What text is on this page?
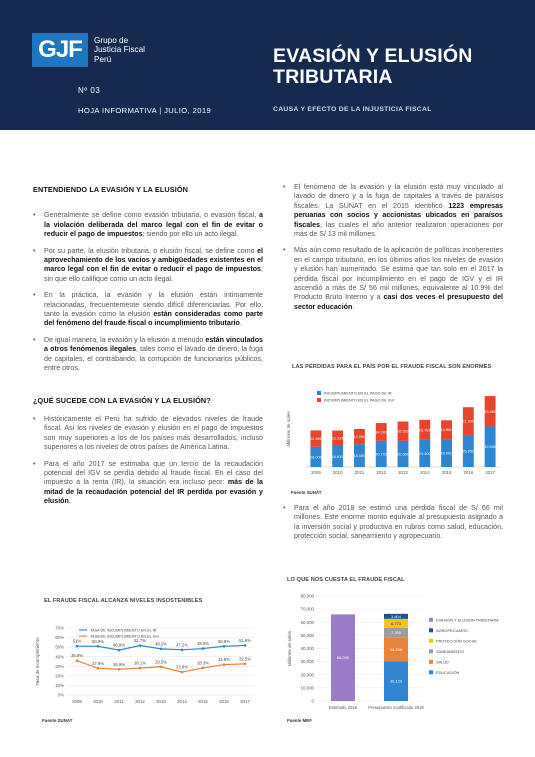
GJF	Grupo de
Justicia Fiscal
Perú
Nº 03
HOJA INFORMATIVA | JULIO, 2019
EVASIÓN Y ELUSIÓN TRIBUTARIA
CAUSA Y EFECTO DE LA INJUSTICIA FISCAL
ENTENDIENDO LA EVASIÓN Y LA ELUSIÓN
•	Generalmente se define como evasión tributaria, o evasión fiscal, a la violación deliberada del marco legal con el fin de evitar o reducir el pago de impuestos; siendo por ello un acto ilegal.
•	Por su parte, la elusión tributaria, o elusión fiscal, se define como el aprovechamiento de los vacíos y ambigüedades existentes en el marco legal con el fin de evitar o reducir el pago de impuestos; sin que ello califique como un acto ilegal.
•	En la práctica, la evasión y la elusión están íntimamente relacionadas, frecuentemente siendo difícil diferenciarlas. Por ello, tanto la evasión como la elusión están consideradas como parte del fenómeno del fraude fiscal o incumplimiento tributario.
•	De igual manera, la evasión y la elusión a menudo están vinculados a otros fenómenos ilegales, tales como el lavado de dinero, la fuga de capitales, el contrabando, la corrupción de funcionarios públicos, entre otros.
¿QUÉ SUCEDE CON LA EVASIÓN Y LA ELUSIÓN?
•	Históricamente el Perú ha sufrido de elevados niveles de fraude fiscal. Así los niveles de evasión y elusión en el pago de impuestos son muy superiores a los de los países más desarrollados, incluso superiores a los niveles de otros países de América Latina.
•	Para el año 2017 se estimaba que un tercio de la recaudación potencial del IGV se perdía debido al fraude fiscal. En el caso del impuesto a la renta (IR), la situación era incluso peor: más de la mitad de la recaudación potencial del IR perdida por evasión y elusión.
•	El fenómeno de la evasión y la elusión está muy vinculado al lavado de dinero y a la fuga de capitales a través de paraísos fiscales. La SUNAT en el 2015 identificó 1223 empresas peruanas con socios y accionistas ubicados en paraísos fiscales, las cuales el año anterior realizaron operaciones por más de S/ 13 mil millones.
•	Más aún como resultado de la aplicación de políticas incoherentes en el campo tributario, en los últimos años los niveles de evasión y elusión han aumentado. Se estima que tan solo en el 2017 la pérdida fiscal por incumplimiento en el pago de IGV y el IR ascendió a más de S/ 56 mil millones, equivalente al 10.9% del Producto Bruto Interno y a casi dos veces el presupuesto del sector educación.
•	Para el año 2018 se estimó una pérdida fiscal de S/ 66 mil millones. Este enorme monto equivale al presupuesto asignado a la inversión social y productiva en rubros como salud, educación, protección social, saneamiento y agropecuario.
EL FRAUDE FISCAL ALCANZA NIVELES INSOSTENIBLES
0%
10%
20%
30%
40%
50%
60%
70%
Tasa de incumplimiento
2009	2010	2011	2012	2013	2014	2015	2016	2017
51%	50.9%
46.9%
51.7%
48.2% 47.2% 48.5% 50.9% 51.8%
TASA DE INCUMPLIMIENTO EN EL IR
35.8%
27.9% 26.9% 28.1% 29.5%
23.9%
28.3%
31.8% 32.5%
TASA DE INCUMPLIMIENTO EN EL IGV
Fuente SUNAT
LAS PÉRDIDAS PARA EL PAÍS POR EL FRAUDE FISCAL SON ENORMES
Millones de soles
16.000
12.866
2009
16.619
12.231
2010
18.000
12.000
2011
20.723
14.002
2012
20.600
15.333
2013
21.400
15.797
2014
22.000
14.850
2015
25.252
21.900
2016
32.000
23.969
2017
INCUMPLIMIENTO EN EL PAGO DE IR
INCUMPLIMIENTO EN EL PAGO DE IGV
Fuente SUNAT
LO QUE NOS CUESTA EL FRAUDE FISCAL
0
10,000
20,000
30,000
40,000
50,000
60,000
70,000
80,000
Millones de soles	66.000
Estimado 2018
30.129
18.398
7.295
6.773
3.804
Presupuesto modificado 2018
EVASIÓN Y ELUSIÓN TRIBUTARIA
AGROPECUARIO
PROTECCIÓN SOCIAL
SANEAMIENTO
SALUD
EDUCACIÓN
Fuente MEF
